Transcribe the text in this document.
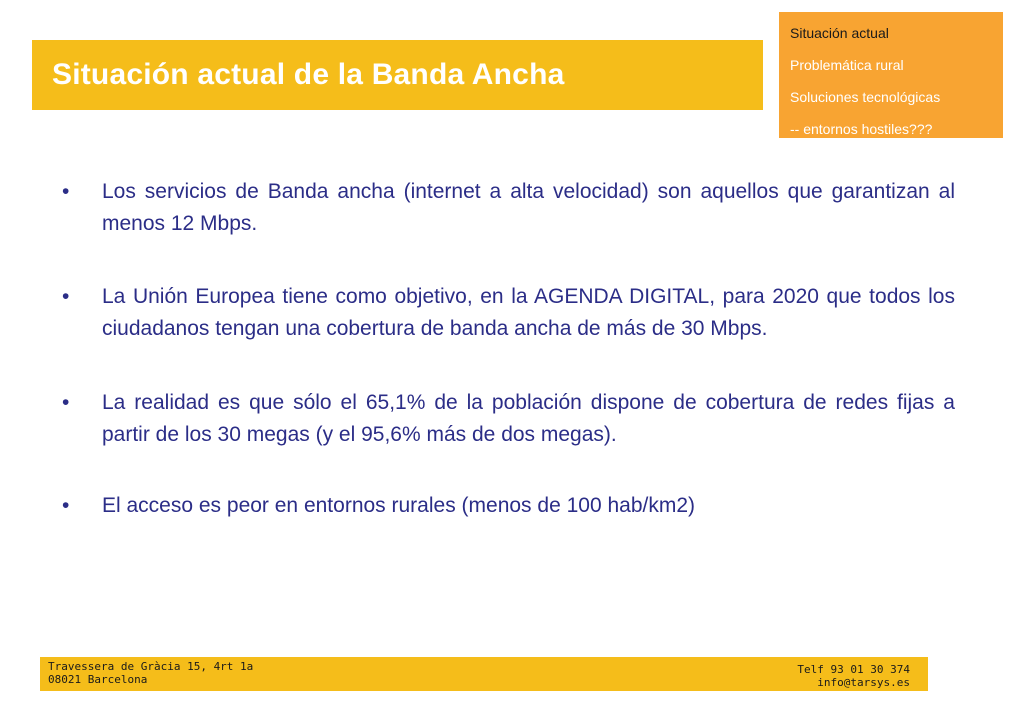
Situación actual de la Banda Ancha
Situación actual
Problemática rural
Soluciones tecnológicas
-- entornos hostiles???
• Los servicios de Banda ancha (internet a alta velocidad) son aquellos que garantizan al menos 12 Mbps.
• La Unión Europea tiene como objetivo, en la AGENDA DIGITAL, para 2020 que todos los ciudadanos tengan una cobertura de banda ancha de más de 30 Mbps.
• La realidad es que sólo el 65,1% de la población dispone de cobertura de redes fijas a partir de los 30 megas (y el 95,6% más de dos megas).
• El acceso es peor en entornos rurales (menos de 100 hab/km2)
Travessera de Gràcia 15, 4rt 1a
08021 Barcelona
Telf 93 01 30 374
info@tarsys.es
